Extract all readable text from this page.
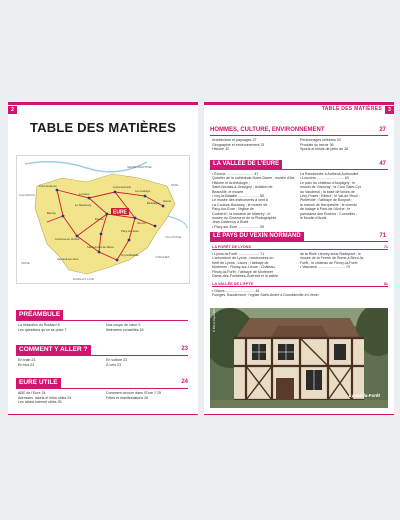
2
TABLE DES MATIÈRES
EURE
SEINE-MARITIME
CALVADOS
ORNE
EURE-ET-LOIR
YVELINES
VAL-D'OISE
OISE
Pont-Audemer
Les Andelys
Louviers
Vernon
Évreux
Bernay
Conches-en-Ouche
Verneuil-sur-Avre
Gisors
Étrépagny
Pacy-sur-Eure
Ivry-la-Bataille
Saint-André-de-l'Eure
Le Neubourg
Lyons-la-Forêt
PRÉAMBULE
La rédaction du Routard 6
Les questions qu'on se pose 7
Nos coups de cœur 9
Itinéraires conseillés 18
COMMENT Y ALLER ?	23
En train 23
En bus 23
En voiture 23
À vélo 23
EURE UTILE	24
ABC de l'Eure 24
Adresses, labels et infos utiles 24
Les labels internet utiles 25
Comment circuler dans l'Eure ? 25
Fêtes et manifestations 26
TABLE DES MATIÈRES	3
HOMMES, CULTURE, ENVIRONNEMENT	27
Architecture et paysages 27
Géographie et environnement 31
Histoire 32
Personnages célèbres 34
Produits du terroir 36
Sports et loisirs de plein air 38
LA VALLÉE DE L'EURE	47
• Évreux ........................... 47
Quartier de la cathédrale Notre-Dame ; musée d'Art, Histoire et Archéologie ;
Saint-Nicolas-à-Gravigny ; Aviation de
Beauvillé, le musée
• Ivry-la-Bataille ..................... 55
Le musée des instruments à vent à
La Couture-Boussey ; le musée de
Pacy-sur-Eure ; l'église de
Cocherel ; la fontaine de Miserey ; le
musée du Cinéma et de la Photographie
Jean-Delannoy à Bueil
• Pacy-sur-Eure ..................... 59
La Randonnée à Autheuil-Authouillet
• Louviers ........................... 63
Le parc du château d'Acquigny ; le
moulin de Vironvay ; la Cour Saint-Cyr
au Vaudreuil ; la base de loisirs de
Léry-Poses ; Elbeuf ; le Val-de-Reuil ;
Pinterville ; l'abbaye de Bonport ;
le manoir de Herqueville ; le chemin
de halage à Pont-de-l'Arche ; le
panorama des Roches ; Connelles ;
le Moulin d'Andé
LE PAYS DU VEXIN NORMAND	71
LA FORÊT DE LYONS	71
• Lyons-la-Forêt ..................... 71
L'arboretum de Lyons ; randonnées en
forêt de Lyons ; Lisors ; l'abbaye de
Mortemer ; Rosay-sur-Lieure ; Château-
Fleury-la-Forêt ; l'abbaye de Mortemer
Dame-des-Fontaines-Guérard et la vallée
de la Risle Lieurey-sous-Radepont ; le
musée de la Ferme de Rome à Bézu-la-
Forêt ; le château de Fleury-la-Forêt
• Vascœuil ........................... 79
LA VALLÉE DE L'EPTE	81
• Gisors ............................. 81
Fourges, Baudemont ; l'église Saint-André à Dourdanville-en-Vexin
Lyons-la-Forêt
© Bruno Kopeck/Fotolia.com
